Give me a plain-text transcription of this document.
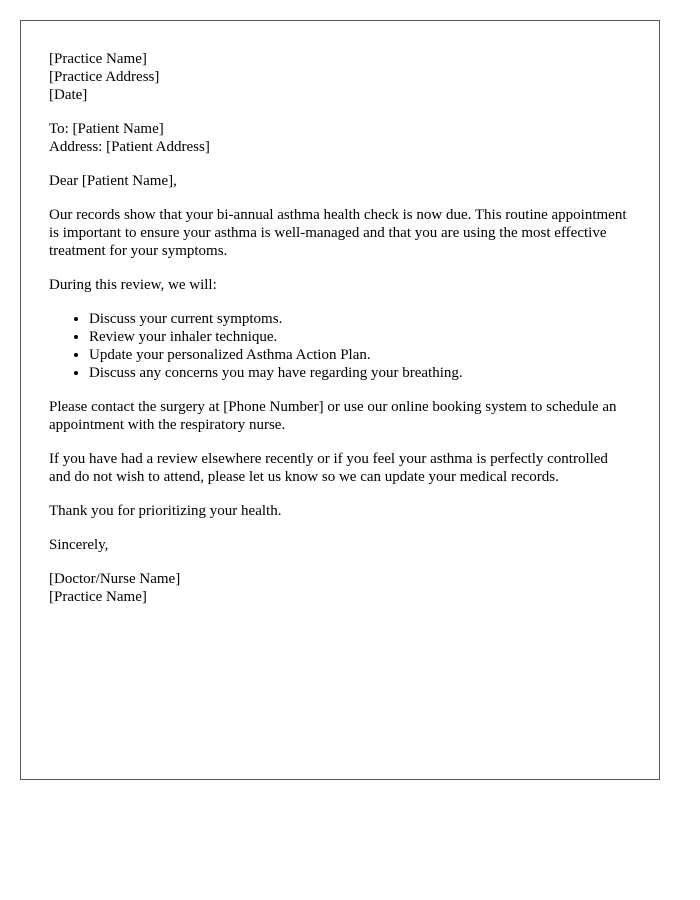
[Practice Name]
[Practice Address]
[Date]
To: [Patient Name]
Address: [Patient Address]

Dear [Patient Name],

Our records show that your bi-annual asthma health check is now due. This routine appointment is important to ensure your asthma is well-managed and that you are using the most effective treatment for your symptoms.

During this review, we will:

• Discuss your current symptoms.
• Review your inhaler technique.
• Update your personalized Asthma Action Plan.
• Discuss any concerns you may have regarding your breathing.

Please contact the surgery at [Phone Number] or use our online booking system to schedule an appointment with the respiratory nurse.

If you have had a review elsewhere recently or if you feel your asthma is perfectly controlled and do not wish to attend, please let us know so we can update your medical records.

Thank you for prioritizing your health.

Sincerely,

[Doctor/Nurse Name]
[Practice Name]
